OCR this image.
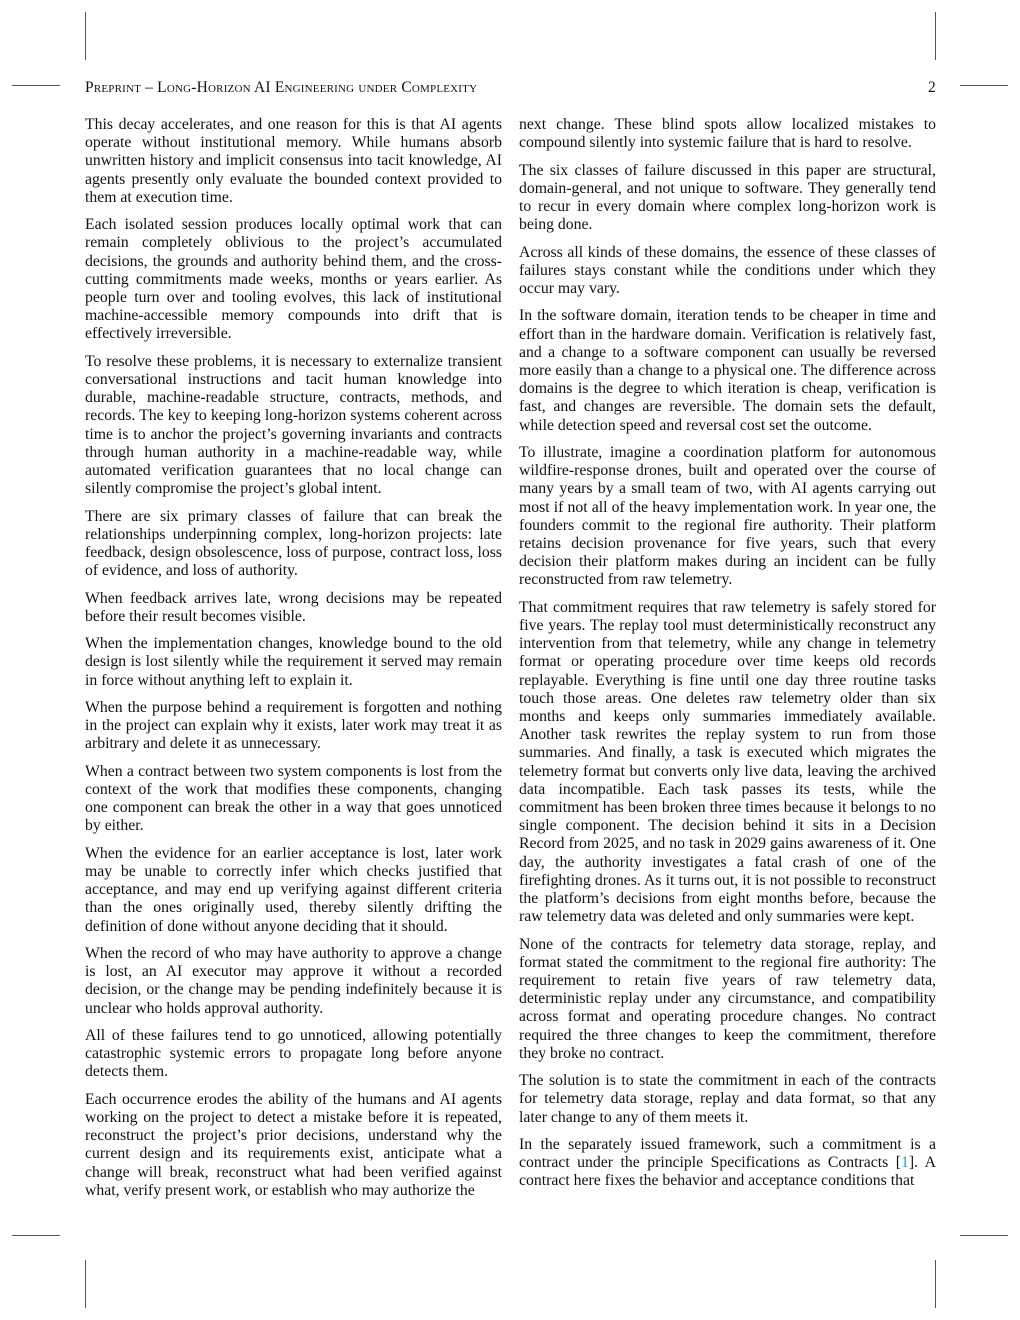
Preprint – Long-Horizon AI Engineering under Complexity	2

This decay accelerates, and one reason for this is that AI agents operate without institutional memory. While humans absorb unwritten history and implicit consensus into tacit knowledge, AI agents presently only evaluate the bounded context provided to them at execution time.

Each isolated session produces locally optimal work that can remain completely oblivious to the project’s accumulated decisions, the grounds and authority behind them, and the cross-cutting commitments made weeks, months or years earlier. As people turn over and tooling evolves, this lack of institutional machine-accessible memory compounds into drift that is effectively irreversible.

To resolve these problems, it is necessary to externalize transient conversational instructions and tacit human knowledge into durable, machine-readable structure, contracts, methods, and records. The key to keeping long-horizon systems coherent across time is to anchor the project’s governing invariants and contracts through human authority in a machine-readable way, while automated verification guarantees that no local change can silently compromise the project’s global intent.

There are six primary classes of failure that can break the relationships underpinning complex, long-horizon projects: late feedback, design obsolescence, loss of purpose, contract loss, loss of evidence, and loss of authority.

When feedback arrives late, wrong decisions may be repeated before their result becomes visible.

When the implementation changes, knowledge bound to the old design is lost silently while the requirement it served may remain in force without anything left to explain it.

When the purpose behind a requirement is forgotten and nothing in the project can explain why it exists, later work may treat it as arbitrary and delete it as unnecessary.

When a contract between two system components is lost from the context of the work that modifies these components, changing one component can break the other in a way that goes unnoticed by either.

When the evidence for an earlier acceptance is lost, later work may be unable to correctly infer which checks justified that acceptance, and may end up verifying against different criteria than the ones originally used, thereby silently drifting the definition of done without anyone deciding that it should.

When the record of who may have authority to approve a change is lost, an AI executor may approve it without a recorded decision, or the change may be pending indefinitely because it is unclear who holds approval authority.

All of these failures tend to go unnoticed, allowing potentially catastrophic systemic errors to propagate long before anyone detects them.

Each occurrence erodes the ability of the humans and AI agents working on the project to detect a mistake before it is repeated, reconstruct the project’s prior decisions, understand why the current design and its requirements exist, anticipate what a change will break, reconstruct what had been verified against what, verify present work, or establish who may authorize the

next change. These blind spots allow localized mistakes to compound silently into systemic failure that is hard to resolve.

The six classes of failure discussed in this paper are structural, domain-general, and not unique to software. They generally tend to recur in every domain where complex long-horizon work is being done.

Across all kinds of these domains, the essence of these classes of failures stays constant while the conditions under which they occur may vary.

In the software domain, iteration tends to be cheaper in time and effort than in the hardware domain. Verification is relatively fast, and a change to a software component can usually be reversed more easily than a change to a physical one. The difference across domains is the degree to which iteration is cheap, verification is fast, and changes are reversible. The domain sets the default, while detection speed and reversal cost set the outcome.

To illustrate, imagine a coordination platform for autonomous wildfire-response drones, built and operated over the course of many years by a small team of two, with AI agents carrying out most if not all of the heavy implementation work. In year one, the founders commit to the regional fire authority. Their platform retains decision provenance for five years, such that every decision their platform makes during an incident can be fully reconstructed from raw telemetry.

That commitment requires that raw telemetry is safely stored for five years. The replay tool must deterministically reconstruct any intervention from that telemetry, while any change in telemetry format or operating procedure over time keeps old records replayable. Everything is fine until one day three routine tasks touch those areas. One deletes raw telemetry older than six months and keeps only summaries immediately available. Another task rewrites the replay system to run from those summaries. And finally, a task is executed which migrates the telemetry format but converts only live data, leaving the archived data incompatible. Each task passes its tests, while the commitment has been broken three times because it belongs to no single component. The decision behind it sits in a Decision Record from 2025, and no task in 2029 gains awareness of it. One day, the authority investigates a fatal crash of one of the firefighting drones. As it turns out, it is not possible to reconstruct the platform’s decisions from eight months before, because the raw telemetry data was deleted and only summaries were kept.

None of the contracts for telemetry data storage, replay, and format stated the commitment to the regional fire authority: The requirement to retain five years of raw telemetry data, deterministic replay under any circumstance, and compatibility across format and operating procedure changes. No contract required the three changes to keep the commitment, therefore they broke no contract.

The solution is to state the commitment in each of the contracts for telemetry data storage, replay and data format, so that any later change to any of them meets it.

In the separately issued framework, such a commitment is a contract under the principle Specifications as Contracts [1]. A contract here fixes the behavior and acceptance conditions that
